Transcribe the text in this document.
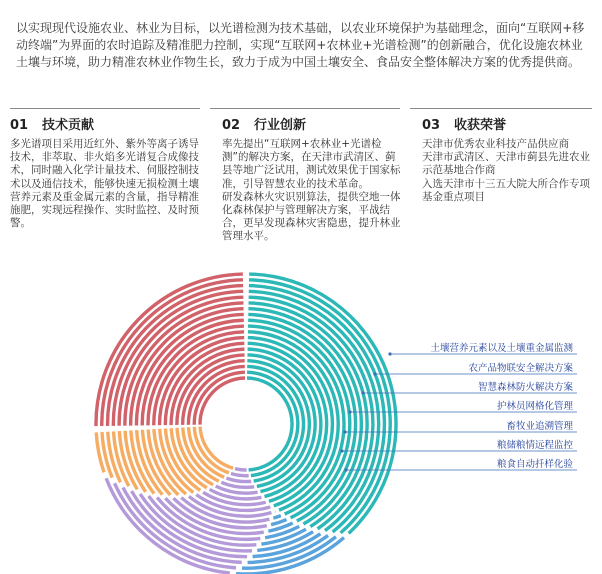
以实现现代设施农业、林业为目标，以光谱检测为技术基础，以农业环境保护为基础理念，面向“互联网+移动终端”为界面的农时追踪及精准肥力控制，实现“互联网+农林业+光谱检测”的创新融合，优化设施农林业土壤与环境，助力精准农林业作物生长，致力于成为中国土壤安全、食品安全整体解决方案的优秀提供商。
01	技术贡献

多光谱项目采用近红外、紫外等离子诱导技术，非萃取、非火焰多光谱复合成像技术，同时融入化学计量技术、伺服控制技术以及通信技术，能够快速无损检测土壤营养元素及重金属元素的含量，指导精准施肥，实现远程操作、实时监控、及时预警。

02	行业创新

率先提出“互联网+农林业+光谱检测”的解决方案，在天津市武清区、蓟县等地广泛试用，测试效果优于国家标准，引导智慧农业的技术革命。

研发森林火灾识别算法，提供空地一体化森林保护与管理解决方案，平战结合，更早发现森林灾害隐患，提升林业管理水平。

03	收获荣誉

天津市优秀农业科技产品供应商

天津市武清区、天津市蓟县先进农业示范基地合作商

入选天津市十三五大院大所合作专项基金重点项目

土壤营养元素以及土壤重金属监测
农产品物联安全解决方案
智慧森林防火解决方案
护林员网格化管理
畜牧业追溯管理
粮储粮情远程监控
粮食自动扦样化验
